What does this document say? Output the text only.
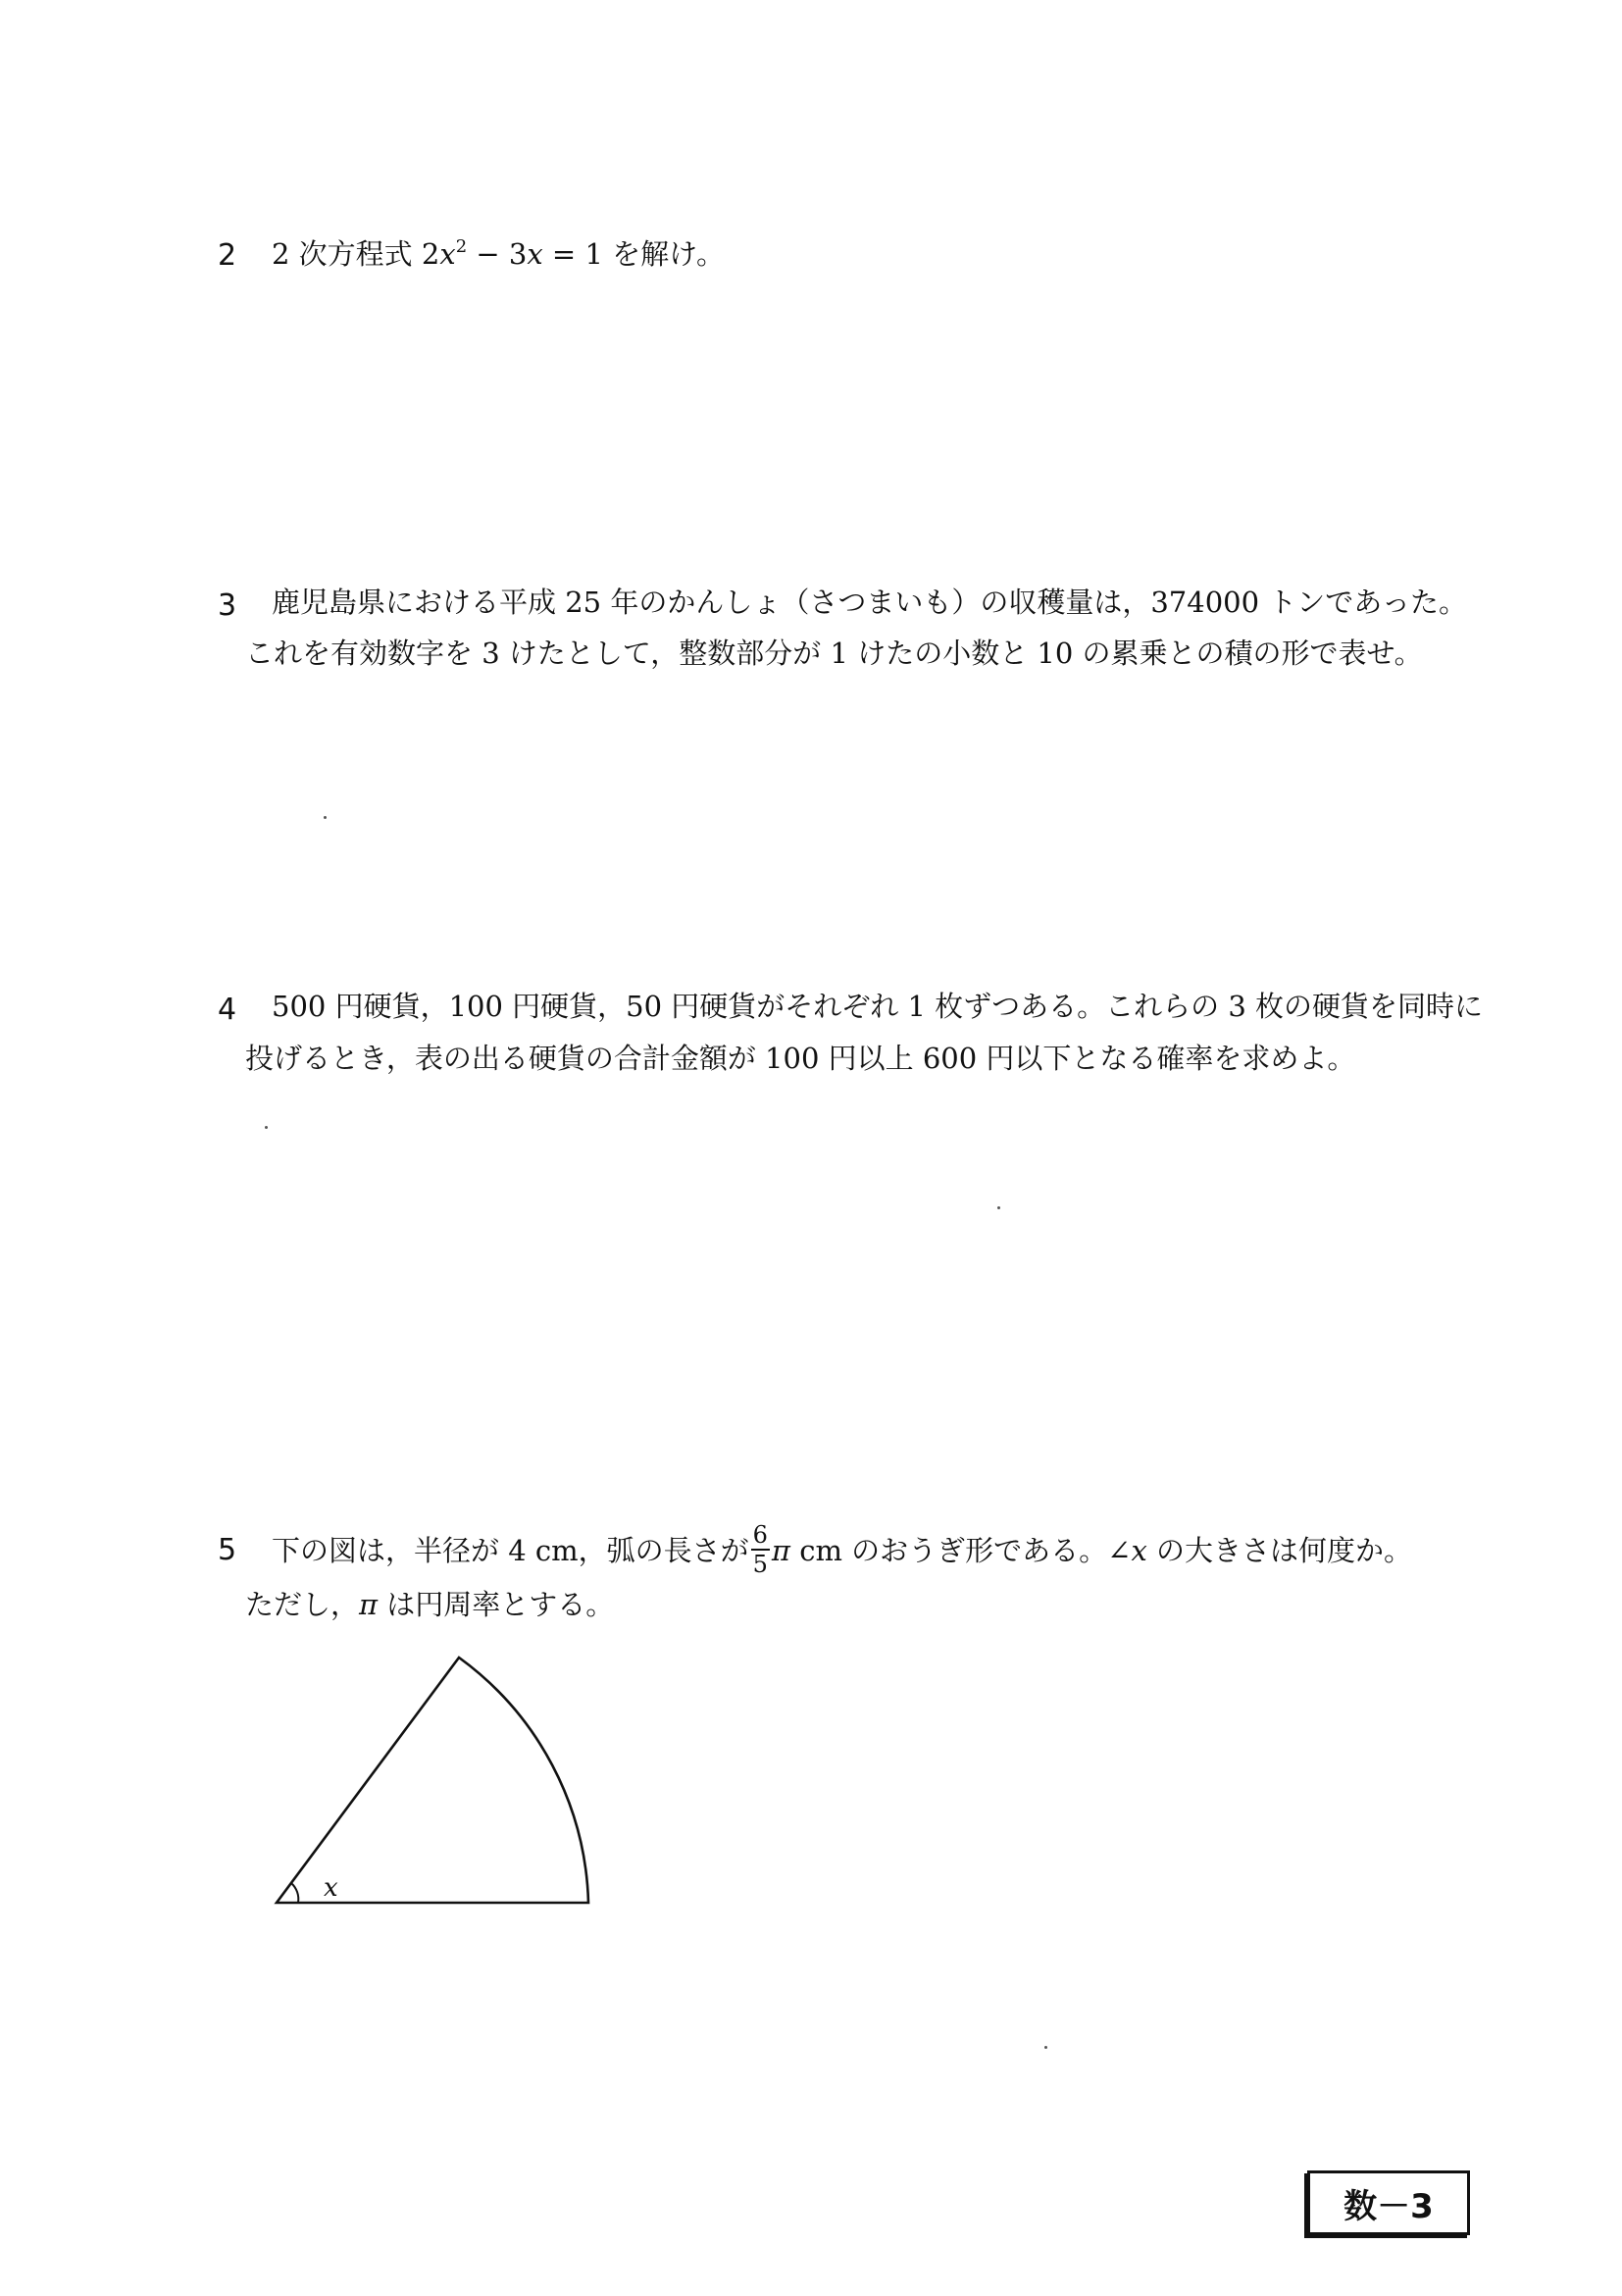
2 2 次方程式 $2x^2 - 3x = 1$ を解け。
3 鹿児島県における平成 25 年のかんしょ（さつまいも）の収穫量は，374000 トンであった。
これを有効数字を 3 けたとして，整数部分が 1 けたの小数と 10 の累乗との積の形で表せ。
4 500 円硬貨，100 円硬貨，50 円硬貨がそれぞれ 1 枚ずつある。これらの 3 枚の硬貨を同時に
投げるとき，表の出る硬貨の合計金額が 100 円以上 600 円以下となる確率を求めよ。
5 下の図は，半径が 4 cm，弧の長さが $\frac{6}{5}$ π cm のおうぎ形である。∠x の大きさは何度か。
ただし，π は円周率とする。
x
数－3
